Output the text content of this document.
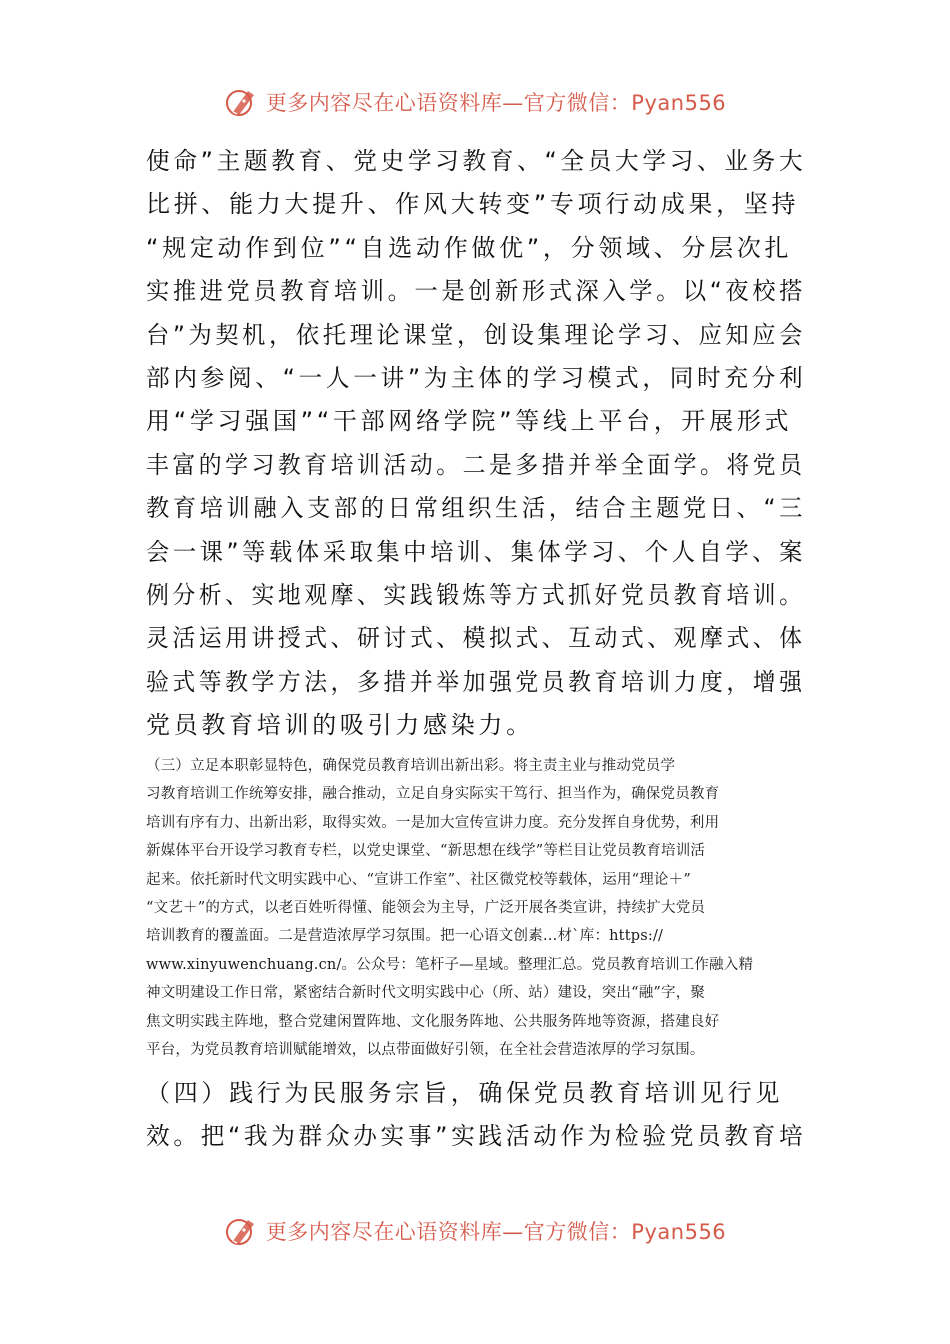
更多内容尽在心语资料库—官方微信：Pyan556
使命”主题教育、党史学习教育、“全员大学习、业务大
比拼、能力大提升、作风大转变”专项行动成果，坚持
“规定动作到位”“自选动作做优”，分领域、分层次扎
实推进党员教育培训。一是创新形式深入学。以“夜校搭
台”为契机，依托理论课堂，创设集理论学习、应知应会
部内参阅、“一人一讲”为主体的学习模式，同时充分利
用“学习强国”“干部网络学院”等线上平台，开展形式
丰富的学习教育培训活动。二是多措并举全面学。将党员
教育培训融入支部的日常组织生活，结合主题党日、“三
会一课”等载体采取集中培训、集体学习、个人自学、案
例分析、实地观摩、实践锻炼等方式抓好党员教育培训。
灵活运用讲授式、研讨式、模拟式、互动式、观摩式、体
验式等教学方法，多措并举加强党员教育培训力度，增强
党员教育培训的吸引力感染力。
（三）立足本职彰显特色，确保党员教育培训出新出彩。将主责主业与推动党员学
习教育培训工作统筹安排，融合推动，立足自身实际实干笃行、担当作为，确保党员教育
培训有序有力、出新出彩，取得实效。一是加大宣传宣讲力度。充分发挥自身优势，利用
新媒体平台开设学习教育专栏，以党史课堂、“新思想在线学”等栏目让党员教育培训活
起来。依托新时代文明实践中心、“宣讲工作室”、社区微党校等载体，运用“理论＋”
“文艺＋”的方式，以老百姓听得懂、能领会为主导，广泛开展各类宣讲，持续扩大党员
培训教育的覆盖面。二是营造浓厚学习氛围。把一心语文创素…材`库：https://
www.xinyuwenchuang.cn/。公众号：笔杆子—星域。整理汇总。党员教育培训工作融入精
神文明建设工作日常，紧密结合新时代文明实践中心（所、站）建设，突出“融”字，聚
焦文明实践主阵地，整合党建闲置阵地、文化服务阵地、公共服务阵地等资源，搭建良好
平台，为党员教育培训赋能增效，以点带面做好引领，在全社会营造浓厚的学习氛围。
（四）践行为民服务宗旨，确保党员教育培训见行见
效。把“我为群众办实事”实践活动作为检验党员教育培
更多内容尽在心语资料库—官方微信：Pyan556
